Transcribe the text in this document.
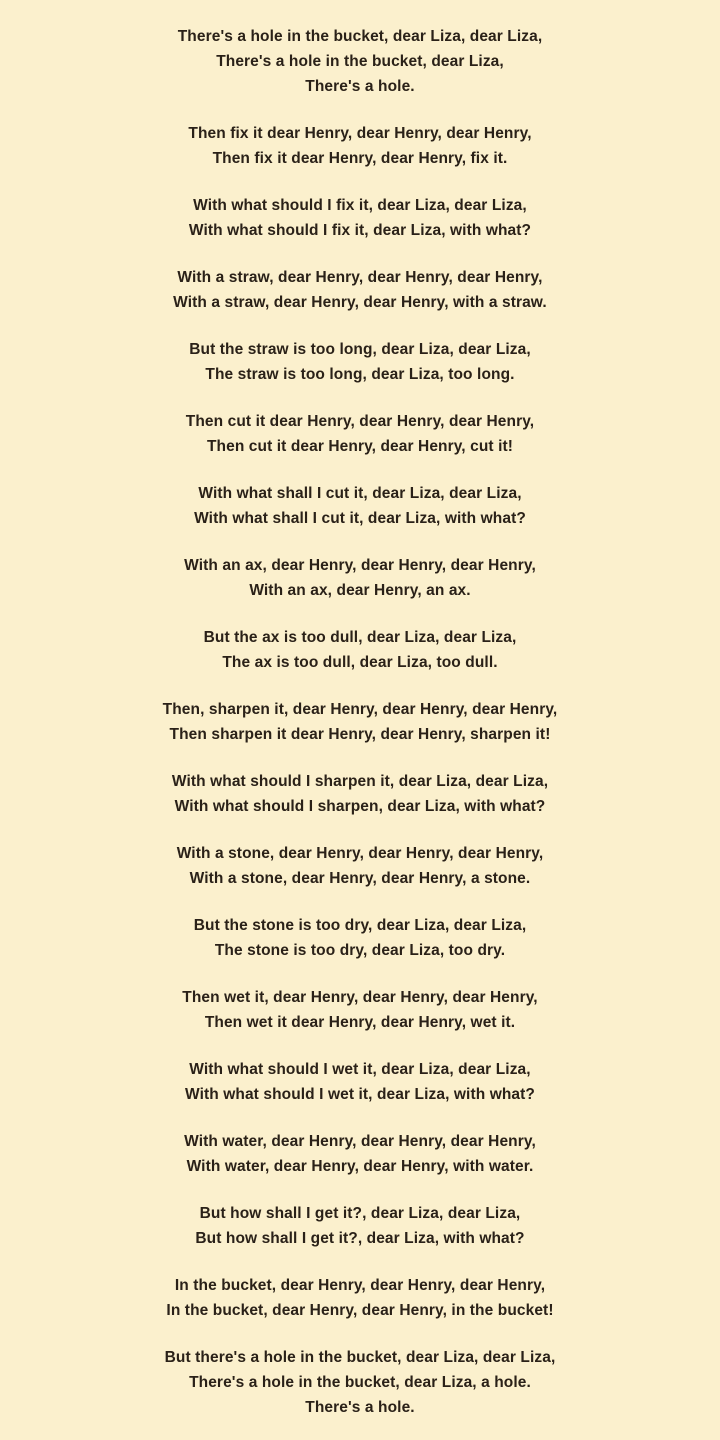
There's a hole in the bucket, dear Liza, dear Liza,
There's a hole in the bucket, dear Liza,
There's a hole.
Then fix it dear Henry, dear Henry, dear Henry,
Then fix it dear Henry, dear Henry, fix it.
With what should I fix it, dear Liza, dear Liza,
With what should I fix it, dear Liza, with what?
With a straw, dear Henry, dear Henry, dear Henry,
With a straw, dear Henry, dear Henry, with a straw.
But the straw is too long, dear Liza, dear Liza,
The straw is too long, dear Liza, too long.
Then cut it dear Henry, dear Henry, dear Henry,
Then cut it dear Henry, dear Henry, cut it!
With what shall I cut it, dear Liza, dear Liza,
With what shall I cut it, dear Liza, with what?
With an ax, dear Henry, dear Henry, dear Henry,
With an ax, dear Henry, an ax.
But the ax is too dull, dear Liza, dear Liza,
The ax is too dull, dear Liza, too dull.
Then, sharpen it, dear Henry, dear Henry, dear Henry,
Then sharpen it dear Henry, dear Henry, sharpen it!
With what should I sharpen it, dear Liza, dear Liza,
With what should I sharpen, dear Liza, with what?
With a stone, dear Henry, dear Henry, dear Henry,
With a stone, dear Henry, dear Henry, a stone.
But the stone is too dry, dear Liza, dear Liza,
The stone is too dry, dear Liza, too dry.
Then wet it, dear Henry, dear Henry, dear Henry,
Then wet it dear Henry, dear Henry, wet it.
With what should I wet it, dear Liza, dear Liza,
With what should I wet it, dear Liza, with what?
With water, dear Henry, dear Henry, dear Henry,
With water, dear Henry, dear Henry, with water.
But how shall I get it?, dear Liza, dear Liza,
But how shall I get it?, dear Liza, with what?
In the bucket, dear Henry, dear Henry, dear Henry,
In the bucket, dear Henry, dear Henry, in the bucket!
But there's a hole in the bucket, dear Liza, dear Liza,
There's a hole in the bucket, dear Liza, a hole.
There's a hole.
